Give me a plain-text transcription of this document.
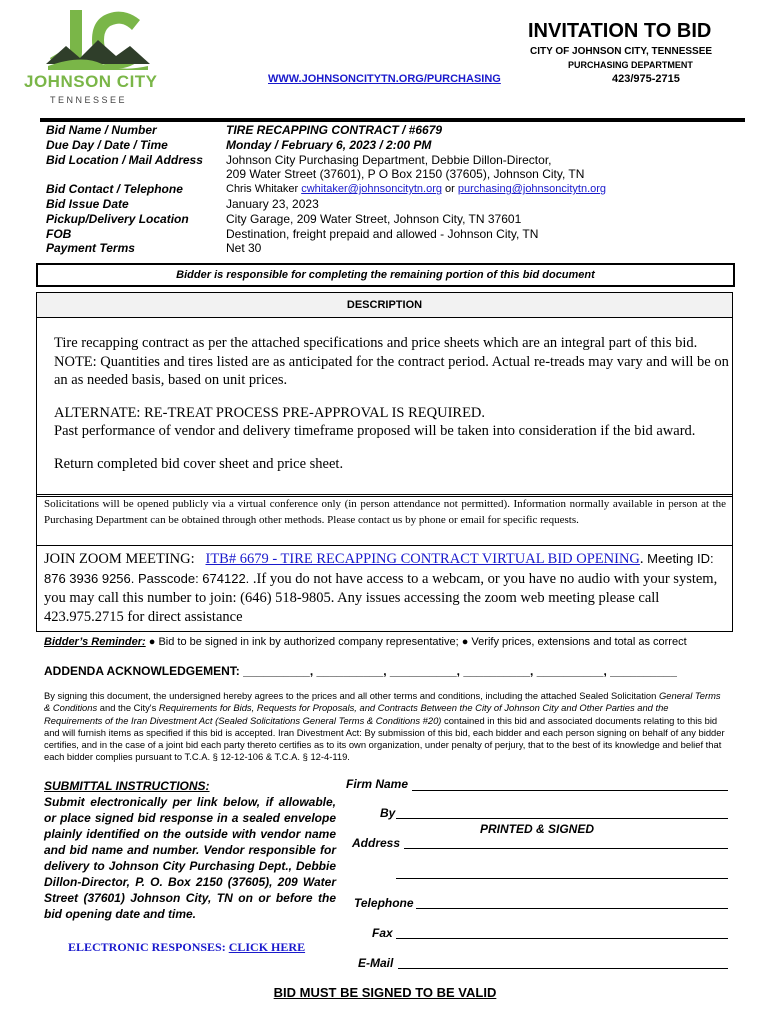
JOHNSON CITY
TENNESSEE
INVITATION TO BID
CITY OF JOHNSON CITY, TENNESSEE
PURCHASING DEPARTMENT
423/975-2715
WWW.JOHNSONCITYTN.ORG/PURCHASING
Bid Name / Number
Due Day / Date / Time
Bid Location / Mail Address
Bid Contact / Telephone
Bid Issue Date
Pickup/Delivery Location
FOB
Payment Terms
TIRE RECAPPING CONTRACT / #6679
Monday / February 6, 2023 / 2:00 PM
Johnson City Purchasing Department, Debbie Dillon-Director,
209 Water Street (37601), P O Box 2150 (37605), Johnson City, TN
Chris Whitaker cwhitaker@johnsoncitytn.org or purchasing@johnsoncitytn.org
January 23, 2023
City Garage, 209 Water Street, Johnson City, TN 37601
Destination, freight prepaid and allowed - Johnson City, TN
Net 30
Bidder is responsible for completing the remaining portion of this bid document
DESCRIPTION

Tire recapping contract as per the attached specifications and price sheets which are an integral part of this bid. NOTE: Quantities and tires listed are as anticipated for the contract period. Actual re-treads may vary and will be on an as needed basis, based on unit prices.

ALTERNATE: RE-TREAT PROCESS PRE-APPROVAL IS REQUIRED.

Past performance of vendor and delivery timeframe proposed will be taken into consideration if the bid award.

Return completed bid cover sheet and price sheet.

Solicitations will be opened publicly via a virtual conference only (in person attendance not permitted). Information normally available in person at the Purchasing Department can be obtained through other methods. Please contact us by phone or email for specific requests.
JOIN ZOOM MEETING: ITB# 6679 - TIRE RECAPPING CONTRACT VIRTUAL BID OPENING. Meeting ID: 876 3936 9256. Passcode: 674122. .If you do not have access to a webcam, or you have no audio with your system, you may call this number to join: (646) 518-9805. Any issues accessing the zoom web meeting please call 423.975.2715 for direct assistance
Bidder’s Reminder: ● Bid to be signed in ink by authorized company representative; ● Verify prices, extensions and total as correct
ADDENDA ACKNOWLEDGEMENT: __________, __________, __________, __________, __________, __________
By signing this document, the undersigned hereby agrees to the prices and all other terms and conditions, including the attached Sealed Solicitation General Terms & Conditions and the City's Requirements for Bids, Requests for Proposals, and Contracts Between the City of Johnson City and Other Parties and the Requirements of the Iran Divestment Act (Sealed Solicitations General Terms & Conditions #20) contained in this bid and associated documents relating to this bid and will furnish items as specified if this bid is accepted. Iran Divestment Act: By submission of this bid, each bidder and each person signing on behalf of any bidder certifies, and in the case of a joint bid each party thereto certifies as to its own organization, under penalty of perjury, that to the best of its knowledge and belief that each bidder complies pursuant to T.C.A. § 12-12-106 & T.C.A. § 12-4-119.
SUBMITTAL INSTRUCTIONS:
Submit electronically per link below, if allowable, or place signed bid response in a sealed envelope plainly identified on the outside with vendor name and bid name and number. Vendor responsible for delivery to Johnson City Purchasing Dept., Debbie Dillon-Director, P. O. Box 2150 (37605), 209 Water Street (37601) Johnson City, TN on or before the bid opening date and time.
ELECTRONIC RESPONSES: CLICK HERE
Firm Name
By
PRINTED & SIGNED
Address
Telephone
Fax
E-Mail
BID MUST BE SIGNED TO BE VALID
